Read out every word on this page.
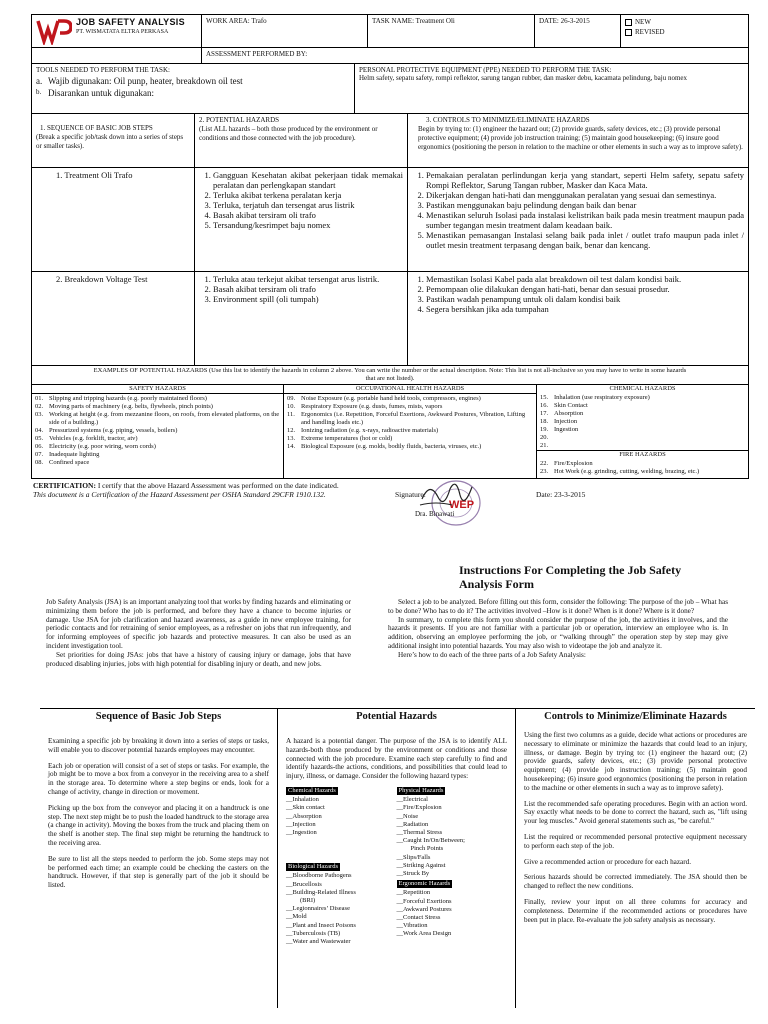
JOB SAFETY ANALYSIS
PT. WISMATATA ELTRA PERKASA
WORK AREA: Trafo	TASK NAME: Treatment Oli	DATE: 26-3-2015	NEW
REVISED
ASSESSMENT PERFORMED BY:
TOOLS NEEDED TO PERFORM THE TASK:
a. Wajib digunakan: Oil punp, heater, breakdown oil test
b. Disarankan untuk digunakan:
PERSONAL PROTECTIVE EQUIPMENT (PPE) NEEDED TO PERFORM THE TASK:
Helm safety, sepatu safety, rompi reflektor, sarung tangan rubber, dan masker debu, kacamata pelindung, baju nomex
1. SEQUENCE OF BASIC JOB STEPS
(Break a specific job/task down into a series of steps or smaller tasks).
2. POTENTIAL HAZARDS
(List ALL hazards – both those produced by the environment or conditions and those connected with the job procedure).
3. CONTROLS TO MINIMIZE/ELIMINATE HAZARDS
Begin by trying to: (1) engineer the hazard out; (2) provide guards, safety devices, etc.; (3) provide personal protective equipment; (4) provide job instruction training; (5) maintain good housekeeping; (6) insure good ergonomics (positioning the person in relation to the machine or other elements in such a way as to improve safety).
1. Treatment Oli Trafo	1. Gangguan Kesehatan akibat pekerjaan tidak memakai peralatan dan perlengkapan standart
2. Terluka akibat terkena peralatan kerja
3. Terluka, terjatuh dan tersengat arus listrik
4. Basah akibat tersiram oli trafo
5. Tersandung/kesrimpet baju nomex
1. Pemakaian peralatan perlindungan kerja yang standart, seperti Helm safety, sepatu safety Rompi Reflektor, Sarung Tangan rubber, Masker dan Kaca Mata.
2. Dikerjakan dengan hati-hati dan menggunakan peralatan yang sesuai dan semestinya.
3. Pastikan menggunakan baju pelindung dengan baik dan benar
4. Menastikan seluruh Isolasi pada instalasi kelistrikan baik pada mesin treatment maupun pada sumber tegangan mesin treatment dalam keadaan baik.
5. Menastikan pemasangan Instalasi selang baik pada inlet / outlet trafo maupun pada inlet / outlet mesin treatment terpasang dengan baik, benar dan kencang.
2. Breakdown Voltage Test	1. Terluka atau terkejut akibat tersengat arus listrik.
2. Basah akibat tersiram oli trafo
3. Environment spill (oli tumpah)
1. Memastikan Isolasi Kabel pada alat breakdown oil test dalam kondisi baik.
2. Pemompaan olie dilakukan dengan hati-hati, benar dan sesuai prosedur.
3. Pastikan wadah penampung untuk oli dalam kondisi baik
4. Segera bersihkan jika ada tumpahan
EXAMPLES OF POTENTIAL HAZARDS (Use this list to identify the hazards in column 2 above. You can write the number or the actual description. Note: This list is not all-inclusive so you may have to write in some hazards that are not listed).
SAFETY HAZARDS
01. Slipping and tripping hazards (e.g. poorly maintained floors)
02. Moving parts of machinery (e.g. belts, flywheels, pinch points)
03. Working at height (e.g. from mezzanine floors, on roofs, from elevated platforms, on the side of a building.)
04. Pressurized systems (e.g. piping, vessels, boilers)
05. Vehicles (e.g. forklift, tractor, atv)
06. Electricity (e.g. poor wiring, worn cords)
07. Inadequate lighting
08. Confined space
OCCUPATIONAL HEALTH HAZARDS
09. Noise Exposure (e.g. portable hand held tools, compressors, engines)
10. Respiratory Exposure (e.g. dusts, fumes, mists, vapors
11. Ergonomics (i.e. Repetition, Forceful Exertions, Awkward Postures, Vibration, Lifting and handling loads etc.)
12. Ionizing radiation (e.g. x-rays, radioactive materials)
13. Extreme temperatures (hot or cold)
14. Biological Exposure (e.g. molds, bodily fluids, bacteria, viruses, etc.)
CHEMICAL HAZARDS
15. Inhalation (use respiratory exposure)
16. Skin Contact
17. Absorption
18. Injection
19. Ingestion
20.
21.
FIRE HAZARDS
22. Fire/Explosion
23. Hot Work (e.g. grinding, cutting, welding, brazing, etc.)
CERTIFICATION: I certify that the above Hazard Assessment was performed on the date indicated.
This document is a Certification of the Hazard Assessment per OSHA Standard 29CFR 1910.132.	Signature:	Date: 23-3-2015
WEP
Dra. Binawati
Instructions For Completing the Job Safety Analysis Form

Job Safety Analysis (JSA) is an important analyzing tool that works by finding hazards and eliminating or minimizing them before the job is performed, and before they have a chance to become injuries or damage. Use JSA for job clarification and hazard awareness, as a guide in new employee training, for periodic contacts and for retraining of senior employees, as a refresher on jobs that run infrequently, and for informing employees of specific job hazards and protective measures. It can also be used as an incident investigation tool.

Set priorities for doing JSAs: jobs that have a history of causing injury or damage, jobs that have produced disabling injuries, jobs with high potential for disabling injury or death, and new jobs.

Select a job to be analyzed. Before filling out this form, consider the following: The purpose of the job – What has to be done? Who has to do it? The activities involved –How is it done? When is it done? Where is it done?

In summary, to complete this form you should consider the purpose of the job, the activities it involves, and the hazards it presents. If you are not familiar with a particular job or operation, interview an employee who is. In addition, observing an employee performing the job, or “walking through” the operation step by step may give additional insight into potential hazards. You may also wish to videotape the job and analyze it.

Here’s how to do each of the three parts of a Job Safety Analysis:

Sequence of Basic Job Steps

Examining a specific job by breaking it down into a series of steps or tasks, will enable you to discover potential hazards employees may encounter.

Each job or operation will consist of a set of steps or tasks. For example, the job might be to move a box from a conveyor in the receiving area to a shelf in the storage area. To determine where a step begins or ends, look for a change of activity, change in direction or movement.

Picking up the box from the conveyor and placing it on a handtruck is one step. The next step might be to push the loaded handtruck to the storage area (a change in activity). Moving the boxes from the truck and placing them on the shelf is another step. The final step might be returning the handtruck to the receiving area.

Be sure to list all the steps needed to perform the job. Some steps may not be performed each time; an example could be checking the casters on the handtruck. However, if that step is generally part of the job it should be listed.

Potential Hazards

A hazard is a potential danger. The purpose of the JSA is to identify ALL hazards-both those produced by the environment or conditions and those connected with the job procedure. Examine each step carefully to find and identify hazards-the actions, conditions, and possibilities that could lead to injury, illness, or damage. Consider the following hazard types:

Chemical Hazards
__Inhalation
__Skin contact
__Absorption
__Injection
__Ingestion
Biological Hazards
__Bloodborne Pathogens
__Brucellosis
__Building-Related Illness
(BRI)
__Legionnaires’ Disease
__Mold
__Plant and Insect Poisons
__Tuberculosis (TB)
__Water and Wastewater
Physical Hazards
__Electrical
__Fire/Explosion
__Noise
__Radiation
__Thermal Stress
__Caught In/On/Between;
Pinch Points
__Slips/Falls
__Striking Against
__Struck By
Ergonomic Hazards
__Repetition
__Forceful Exertions
__Awkward Postures
__Contact Stress
__Vibration
__Work Area Design
Controls to Minimize/Eliminate Hazards

Using the first two columns as a guide, decide what actions or procedures are necessary to eliminate or minimize the hazards that could lead to an injury, illness, or damage. Begin by trying to: (1) engineer the hazard out; (2) provide guards, safety devices, etc.; (3) provide personal protective equipment; (4) provide job instruction training; (5) maintain good housekeeping; (6) insure good ergonomics (positioning the person in relation to the machine or other elements in such a way as to improve safety).

List the recommended safe operating procedures. Begin with an action word. Say exactly what needs to be done to correct the hazard, such as, "lift using your leg muscles." Avoid general statements such as, "be careful."

List the required or recommended personal protective equipment necessary to perform each step of the job.

Give a recommended action or procedure for each hazard.

Serious hazards should be corrected immediately. The JSA should then be changed to reflect the new conditions.

Finally, review your input on all three columns for accuracy and completeness. Determine if the recommended actions or procedures have been put in place. Re-evaluate the job safety analysis as necessary.
